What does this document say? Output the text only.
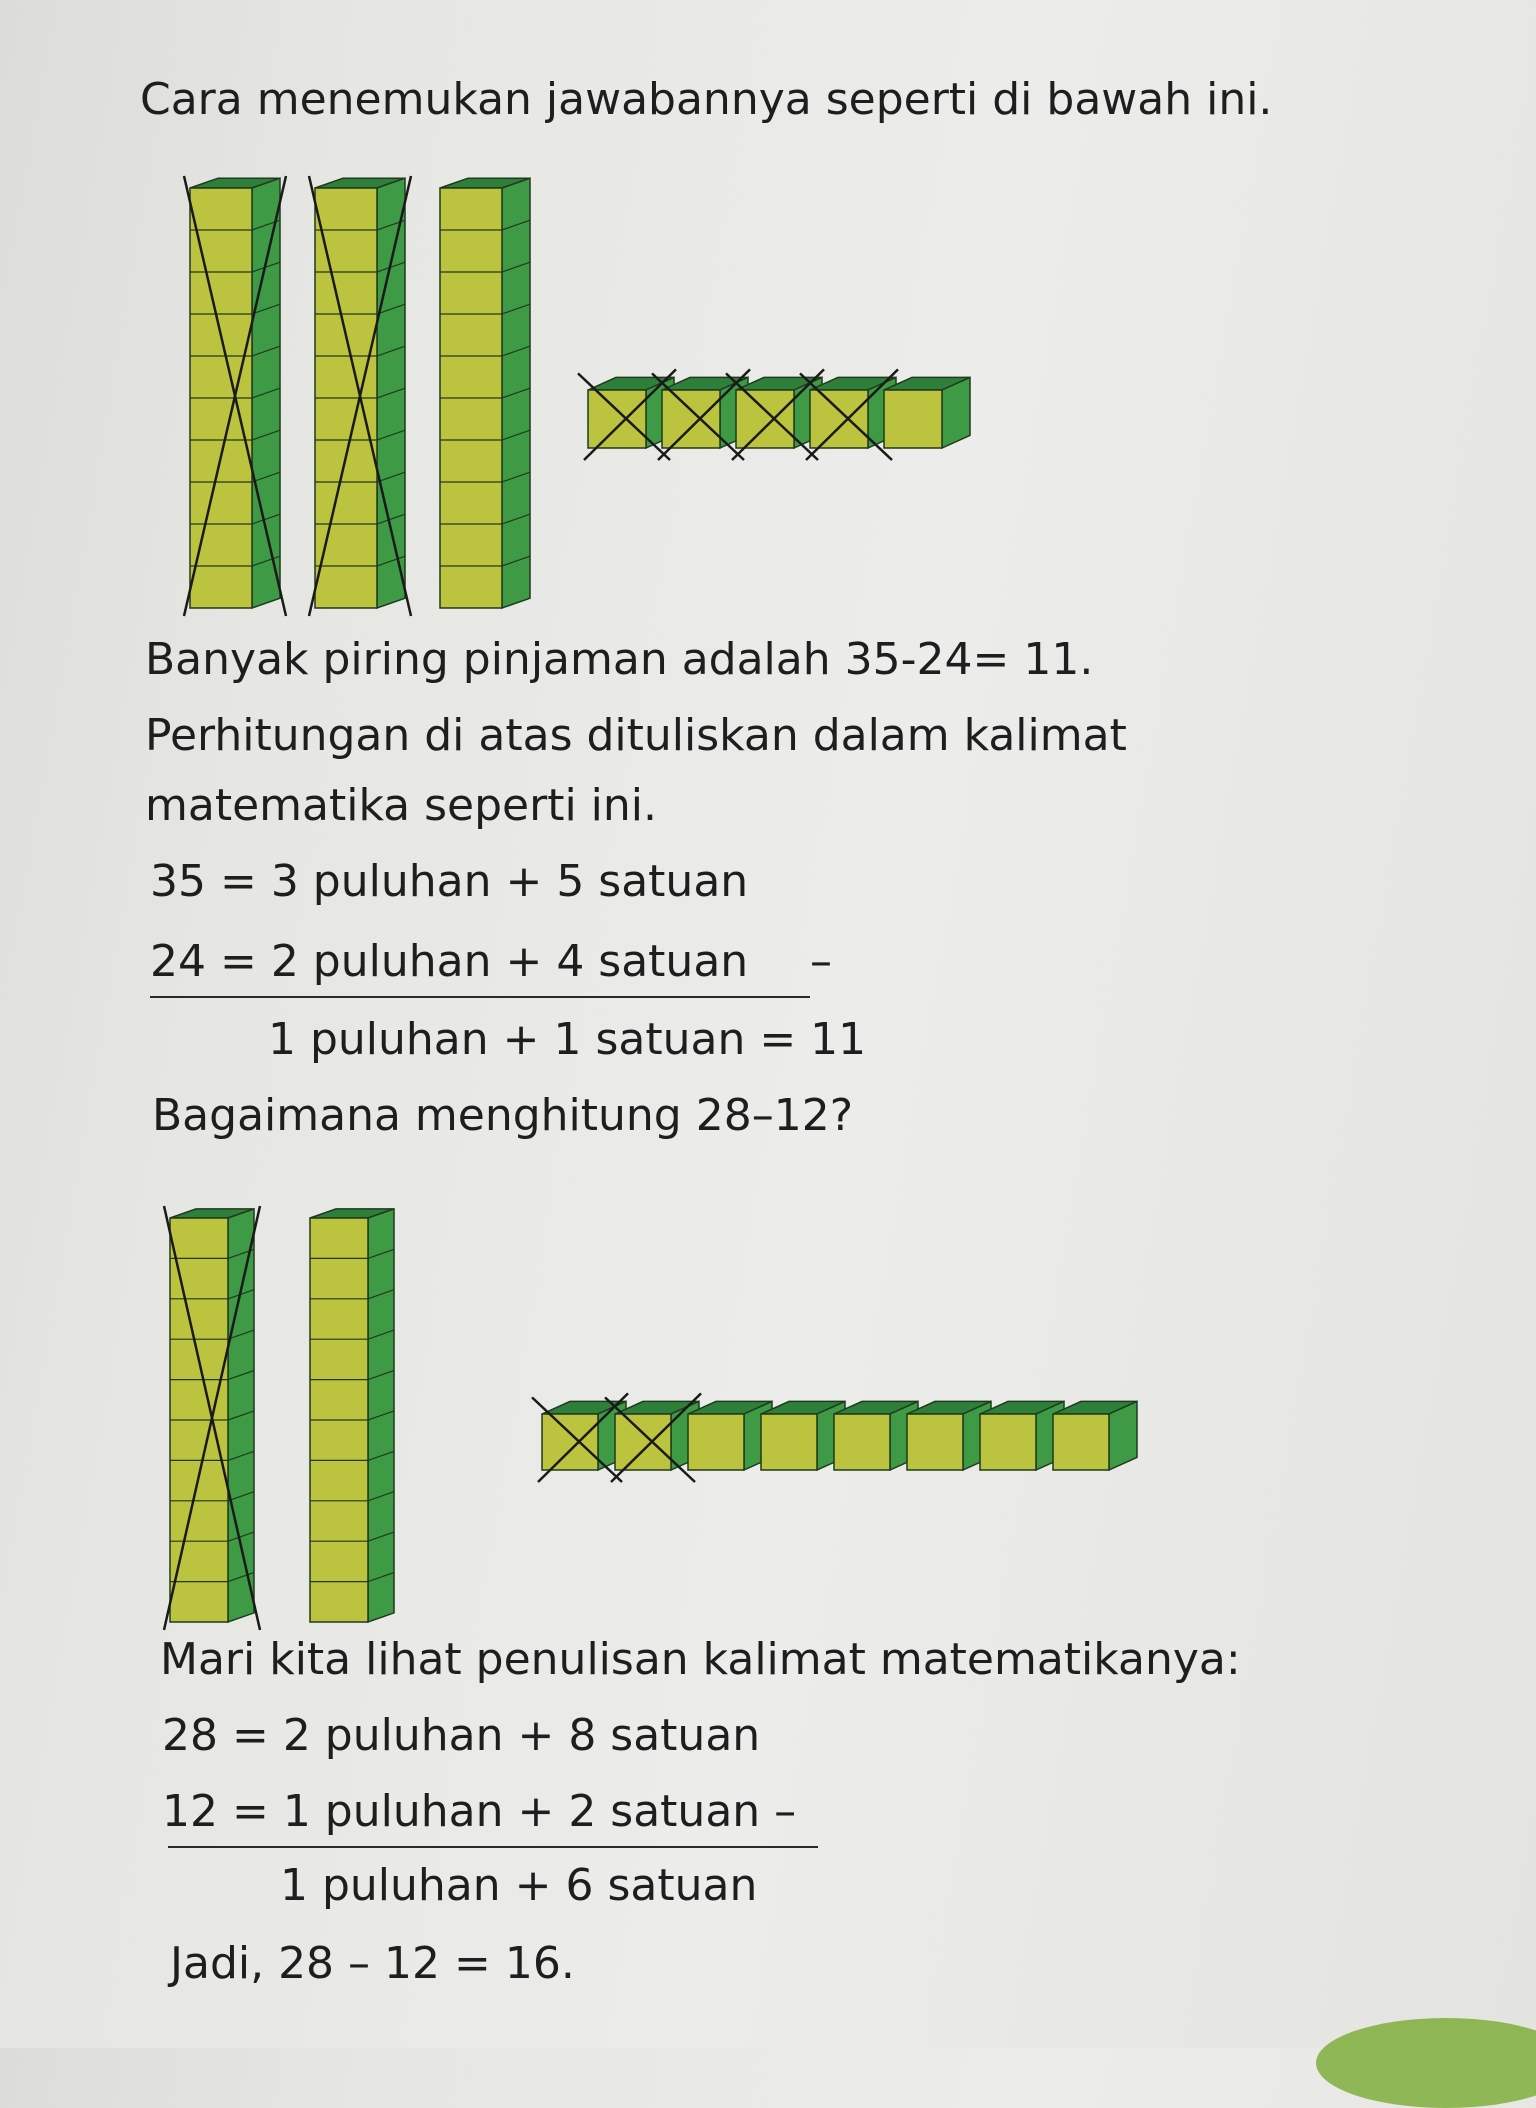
Cara menemukan jawabannya seperti di bawah ini.

Banyak piring pinjaman adalah 35-24= 11.

Perhitungan di atas dituliskan dalam kalimat

matematika seperti ini.

35 = 3 puluhan + 5 satuan

24 = 2 puluhan + 4 satuan –

1 puluhan + 1 satuan = 11

Bagaimana menghitung 28–12?

Mari kita lihat penulisan kalimat matematikanya:

28 = 2 puluhan + 8 satuan

12 = 1 puluhan + 2 satuan –

1 puluhan + 6 satuan

Jadi, 28 – 12 = 16.
